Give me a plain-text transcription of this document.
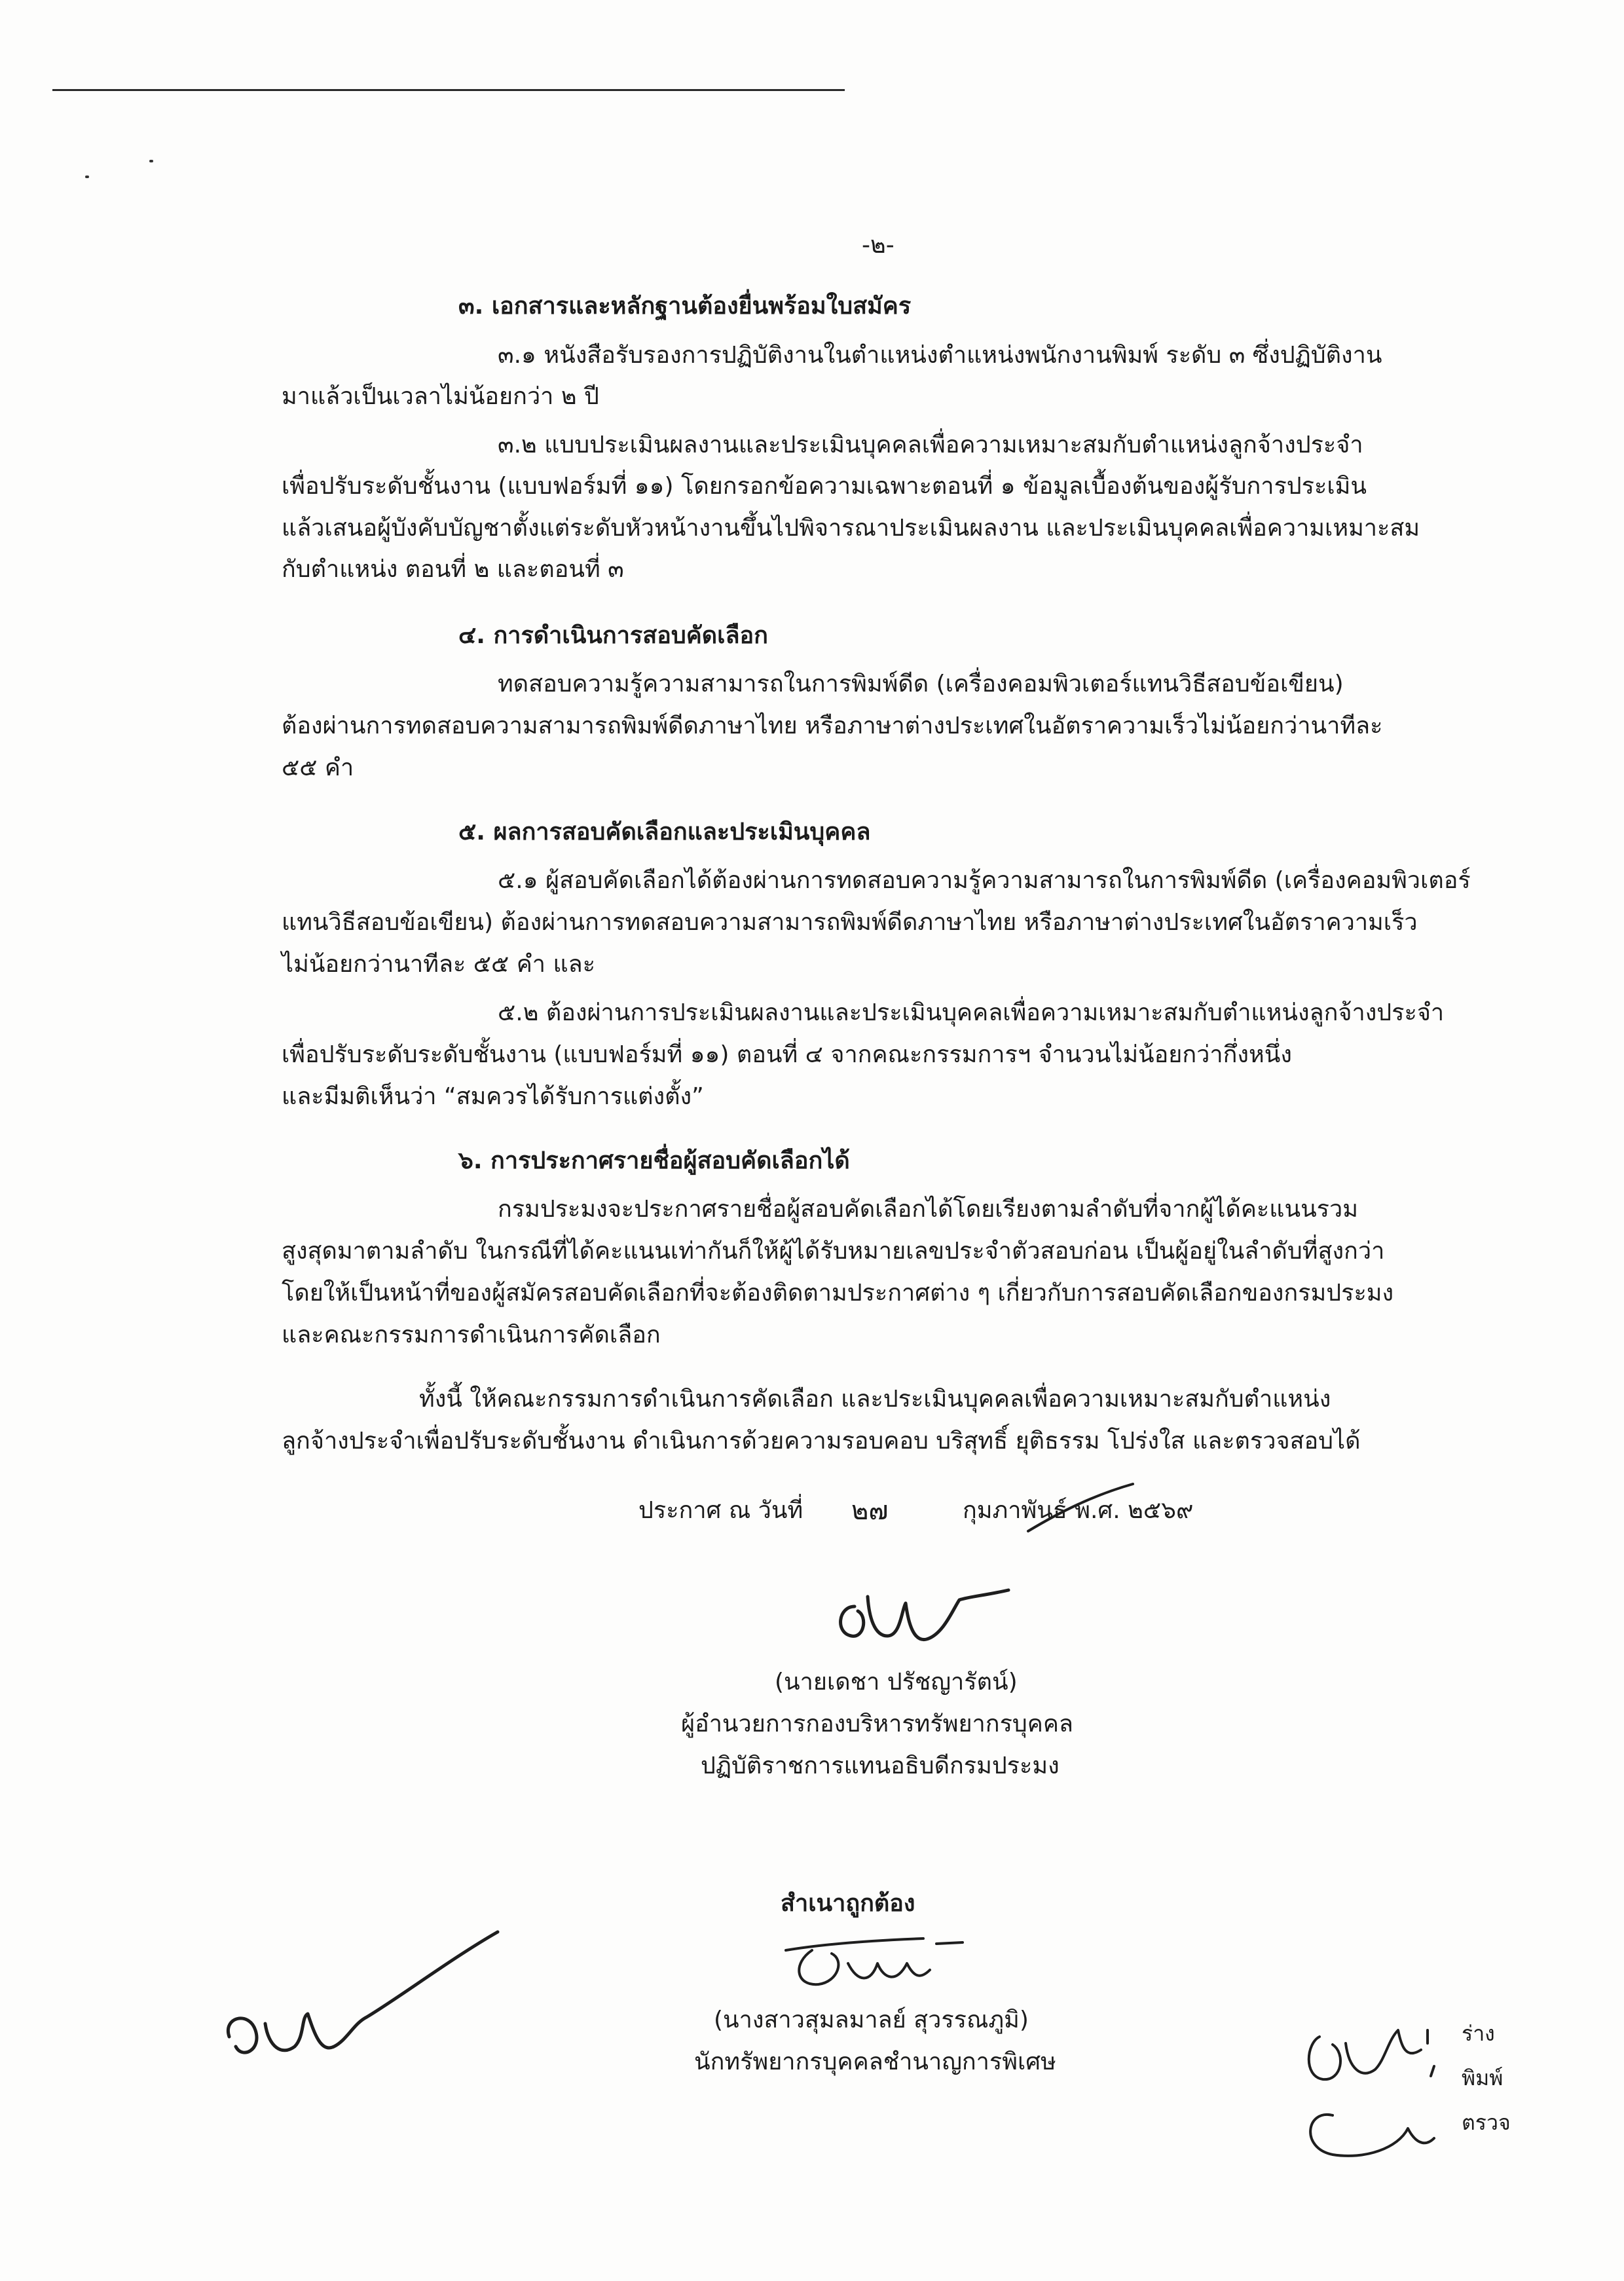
-๒-
๓. เอกสารและหลักฐานต้องยื่นพร้อมใบสมัคร
๓.๑ หนังสือรับรองการปฏิบัติงานในตำแหน่งตำแหน่งพนักงานพิมพ์ ระดับ ๓ ซึ่งปฏิบัติงาน
มาแล้วเป็นเวลาไม่น้อยกว่า ๒ ปี
๓.๒ แบบประเมินผลงานและประเมินบุคคลเพื่อความเหมาะสมกับตำแหน่งลูกจ้างประจำ
เพื่อปรับระดับชั้นงาน (แบบฟอร์มที่ ๑๑) โดยกรอกข้อความเฉพาะตอนที่ ๑ ข้อมูลเบื้องต้นของผู้รับการประเมิน
แล้วเสนอผู้บังคับบัญชาตั้งแต่ระดับหัวหน้างานขึ้นไปพิจารณาประเมินผลงาน และประเมินบุคคลเพื่อความเหมาะสม
กับตำแหน่ง ตอนที่ ๒ และตอนที่ ๓
๔. การดำเนินการสอบคัดเลือก
ทดสอบความรู้ความสามารถในการพิมพ์ดีด (เครื่องคอมพิวเตอร์แทนวิธีสอบข้อเขียน)
ต้องผ่านการทดสอบความสามารถพิมพ์ดีดภาษาไทย หรือภาษาต่างประเทศในอัตราความเร็วไม่น้อยกว่านาทีละ
๕๕ คำ
๕. ผลการสอบคัดเลือกและประเมินบุคคล
๕.๑ ผู้สอบคัดเลือกได้ต้องผ่านการทดสอบความรู้ความสามารถในการพิมพ์ดีด (เครื่องคอมพิวเตอร์
แทนวิธีสอบข้อเขียน) ต้องผ่านการทดสอบความสามารถพิมพ์ดีดภาษาไทย หรือภาษาต่างประเทศในอัตราความเร็ว
ไม่น้อยกว่านาทีละ ๕๕ คำ และ
๕.๒ ต้องผ่านการประเมินผลงานและประเมินบุคคลเพื่อความเหมาะสมกับตำแหน่งลูกจ้างประจำ
เพื่อปรับระดับระดับชั้นงาน (แบบฟอร์มที่ ๑๑) ตอนที่ ๔ จากคณะกรรมการฯ จำนวนไม่น้อยกว่ากึ่งหนึ่ง
และมีมติเห็นว่า “สมควรได้รับการแต่งตั้ง”
๖. การประกาศรายชื่อผู้สอบคัดเลือกได้
กรมประมงจะประกาศรายชื่อผู้สอบคัดเลือกได้โดยเรียงตามลำดับที่จากผู้ได้คะแนนรวม
สูงสุดมาตามลำดับ ในกรณีที่ได้คะแนนเท่ากันก็ให้ผู้ได้รับหมายเลขประจำตัวสอบก่อน เป็นผู้อยู่ในลำดับที่สูงกว่า
โดยให้เป็นหน้าที่ของผู้สมัครสอบคัดเลือกที่จะต้องติดตามประกาศต่าง ๆ เกี่ยวกับการสอบคัดเลือกของกรมประมง
และคณะกรรมการดำเนินการคัดเลือก
ทั้งนี้ ให้คณะกรรมการดำเนินการคัดเลือก และประเมินบุคคลเพื่อความเหมาะสมกับตำแหน่ง
ลูกจ้างประจำเพื่อปรับระดับชั้นงาน ดำเนินการด้วยความรอบคอบ บริสุทธิ์ ยุติธรรม โปร่งใส และตรวจสอบได้
ประกาศ ณ วันที่ ๒๗	กุมภาพันธ์ พ.ศ. ๒๕๖๙
(นายเดชา ปรัชญารัตน์)
ผู้อำนวยการกองบริหารทรัพยากรบุคคล
ปฏิบัติราชการแทนอธิบดีกรมประมง
สำเนาถูกต้อง
(นางสาวสุมลมาลย์ สุวรรณภูมิ)
นักทรัพยากรบุคคลชำนาญการพิเศษ
ร่าง
พิมพ์
ตรวจ
